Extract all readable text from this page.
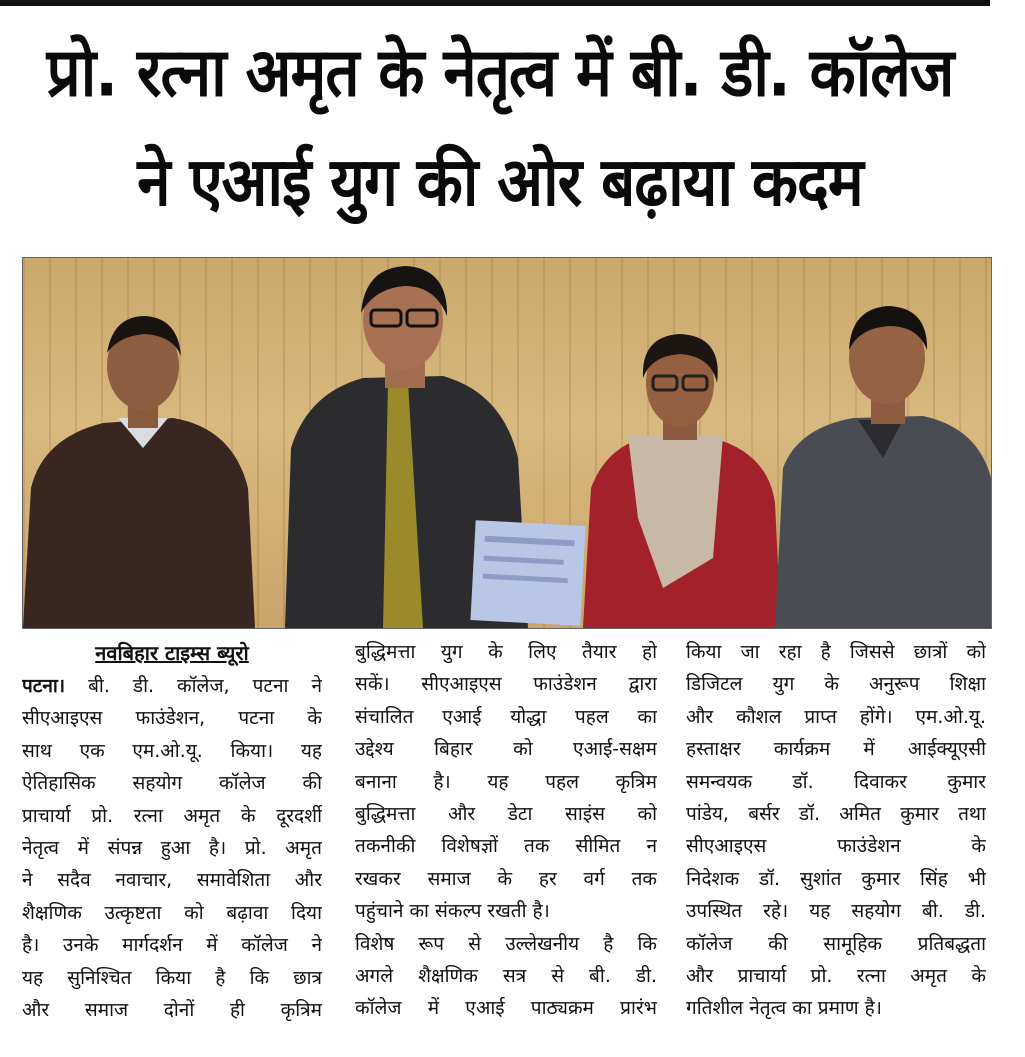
प्रो. रत्ना अमृत के नेतृत्व में बी. डी. कॉलेज
ने एआई युग की ओर बढ़ाया कदम
नवबिहार टाइम्स ब्यूरो
पटना। बी. डी. कॉलेज, पटना ने
सीएआइएस फाउंडेशन, पटना के
साथ एक एम.ओ.यू. किया। यह
ऐतिहासिक सहयोग कॉलेज की
प्राचार्या प्रो. रत्ना अमृत के दूरदर्शी
नेतृत्व में संपन्न हुआ है। प्रो. अमृत
ने सदैव नवाचार, समावेशिता और
शैक्षणिक उत्कृष्टता को बढ़ावा दिया
है। उनके मार्गदर्शन में कॉलेज ने
यह सुनिश्चित किया है कि छात्र
और समाज दोनों ही कृत्रिम
बुद्धिमत्ता युग के लिए तैयार हो
सकें। सीएआइएस फाउंडेशन द्वारा
संचालित एआई योद्धा पहल का
उद्देश्य बिहार को एआई-सक्षम
बनाना है। यह पहल कृत्रिम
बुद्धिमत्ता और डेटा साइंस को
तकनीकी विशेषज्ञों तक सीमित न
रखकर समाज के हर वर्ग तक
पहुंचाने का संकल्प रखती है।
विशेष रूप से उल्लेखनीय है कि
अगले शैक्षणिक सत्र से बी. डी.
कॉलेज में एआई पाठ्यक्रम प्रारंभ
किया जा रहा है जिससे छात्रों को
डिजिटल युग के अनुरूप शिक्षा
और कौशल प्राप्त होंगे। एम.ओ.यू.
हस्ताक्षर कार्यक्रम में आईक्यूएसी
समन्वयक डॉ. दिवाकर कुमार
पांडेय, बर्सर डॉ. अमित कुमार तथा
सीएआइएस फाउंडेशन के
निदेशक डॉ. सुशांत कुमार सिंह भी
उपस्थित रहे। यह सहयोग बी. डी.
कॉलेज की सामूहिक प्रतिबद्धता
और प्राचार्या प्रो. रत्ना अमृत के
गतिशील नेतृत्व का प्रमाण है।
